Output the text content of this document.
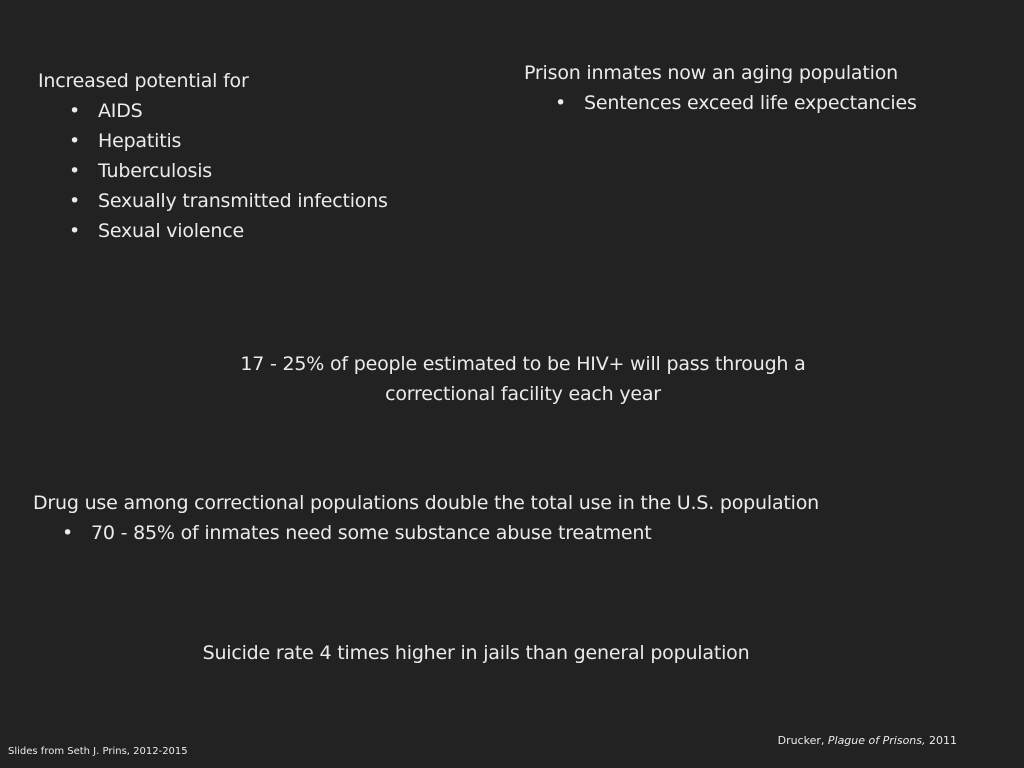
Increased potential for
• AIDS
• Hepatitis
• Tuberculosis
• Sexually transmitted infections
• Sexual violence
Prison inmates now an aging population
• Sentences exceed life expectancies
17 - 25% of people estimated to be HIV+ will pass through a
correctional facility each year
Drug use among correctional populations double the total use in the U.S. population
• 70 - 85% of inmates need some substance abuse treatment
Suicide rate 4 times higher in jails than general population
Drucker, Plague of Prisons, 2011
Slides from Seth J. Prins, 2012-2015
